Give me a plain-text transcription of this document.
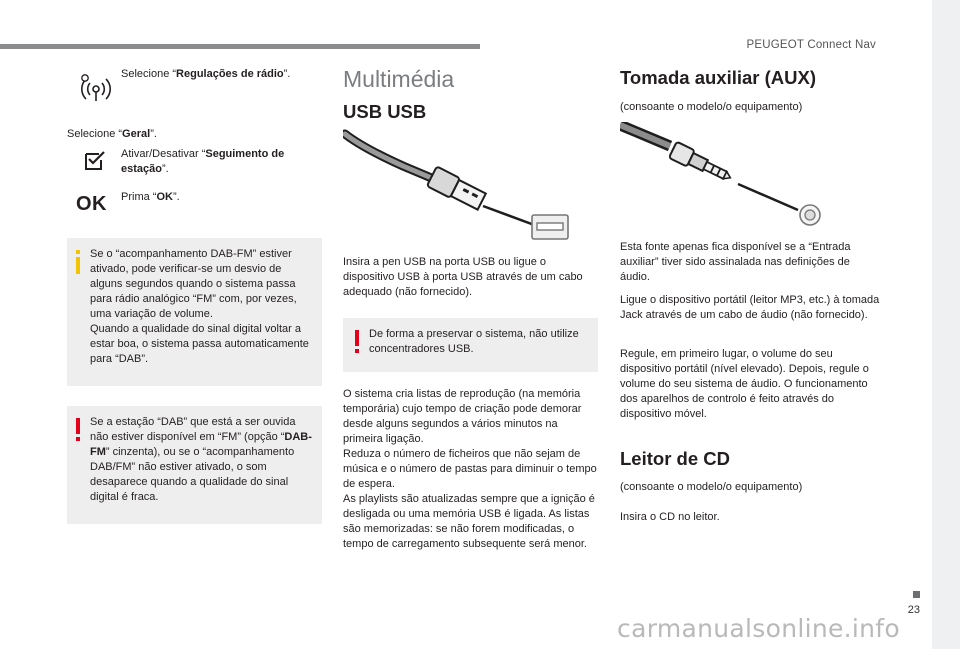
PEUGEOT Connect Nav
Selecione “Regulações de rádio”.
Selecione “Geral”.
Ativar/Desativar “Seguimento de estação”.
OK Prima “OK”.
Se o “acompanhamento DAB-FM” estiver ativado, pode verificar-se um desvio de alguns segundos quando o sistema passa para rádio analógico “FM” com, por vezes, uma variação de volume.
Quando a qualidade do sinal digital voltar a estar boa, o sistema passa automaticamente para “DAB”.
Se a estação “DAB” que está a ser ouvida não estiver disponível em “FM” (opção “DAB-FM” cinzenta), ou se o “acompanhamento DAB/FM” não estiver ativado, o som desaparece quando a qualidade do sinal digital é fraca.
Multimédia
USB USB
Insira a pen USB na porta USB ou ligue o dispositivo USB à porta USB através de um cabo adequado (não fornecido).
De forma a preservar o sistema, não utilize concentradores USB.
O sistema cria listas de reprodução (na memória temporária) cujo tempo de criação pode demorar desde alguns segundos a vários minutos na primeira ligação.
Reduza o número de ficheiros que não sejam de música e o número de pastas para diminuir o tempo de espera.
As playlists são atualizadas sempre que a ignição é desligada ou uma memória USB é ligada. As listas são memorizadas: se não forem modificadas, o tempo de carregamento subsequente será menor.
Tomada auxiliar (AUX)
(consoante o modelo/o equipamento)
Esta fonte apenas fica disponível se a “Entrada auxiliar” tiver sido assinalada nas definições de áudio.
Ligue o dispositivo portátil (leitor MP3, etc.) à tomada Jack através de um cabo de áudio (não fornecido).
Regule, em primeiro lugar, o volume do seu dispositivo portátil (nível elevado). Depois, regule o volume do seu sistema de áudio. O funcionamento dos aparelhos de controlo é feito através do dispositivo móvel.
Leitor de CD
(consoante o modelo/o equipamento)
Insira o CD no leitor.
23
carmanualsonline.info
